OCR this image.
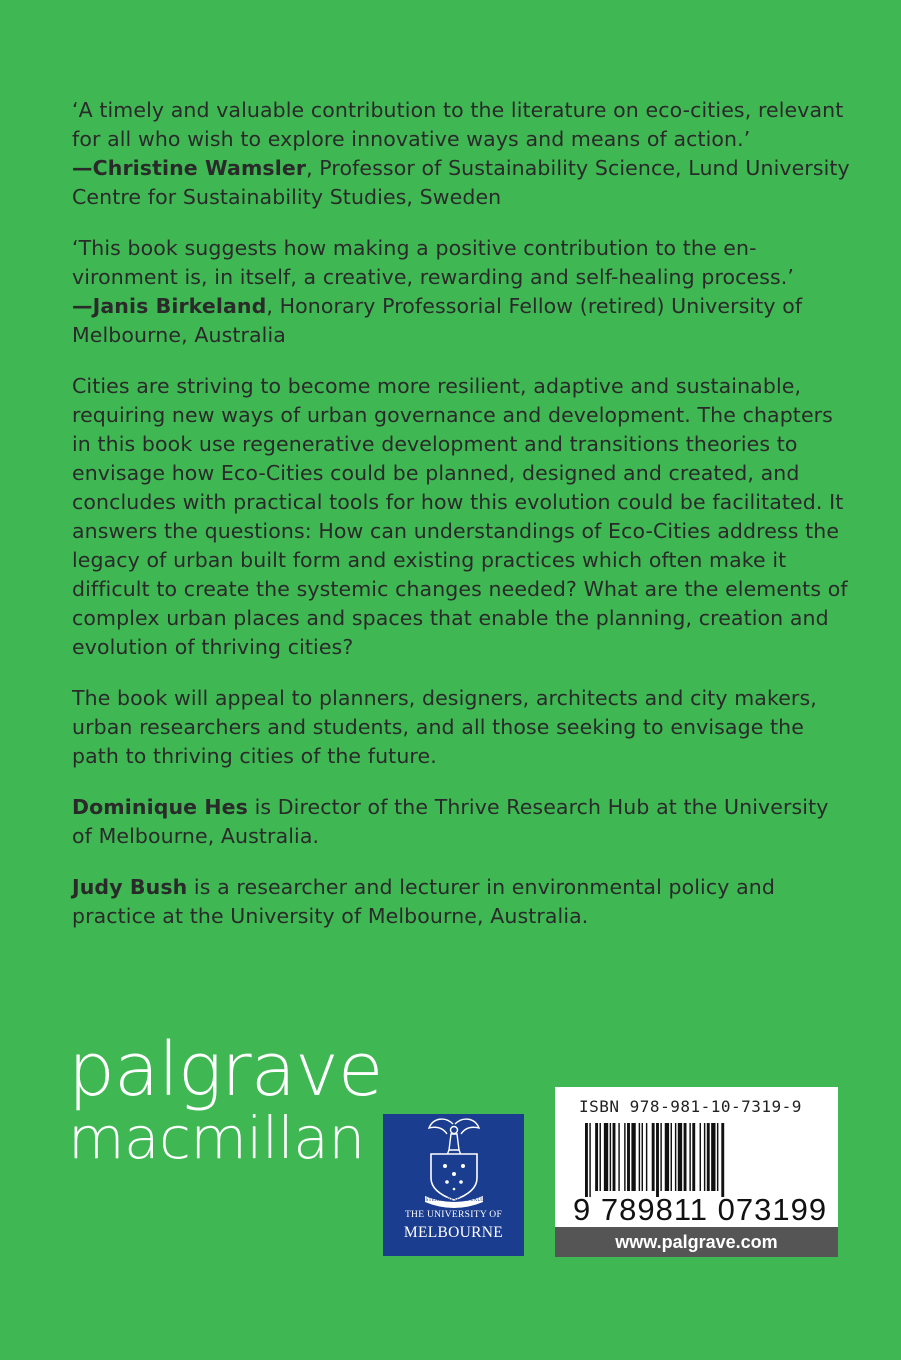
‘A timely and valuable contribution to the literature on eco-cities, relevant for all who wish to explore innovative ways and means of action.’
—Christine Wamsler, Professor of Sustainability Science, Lund University Centre for Sustainability Studies, Sweden

‘This book suggests how making a positive contribution to the environment is, in itself, a creative, rewarding and self-healing process.’
—Janis Birkeland, Honorary Professorial Fellow (retired) University of Melbourne, Australia

Cities are striving to become more resilient, adaptive and sustainable, requiring new ways of urban governance and development. The chapters in this book use regenerative development and transitions theories to envisage how Eco-Cities could be planned, designed and created, and concludes with practical tools for how this evolution could be facilitated. It answers the questions: How can understandings of Eco-Cities address the legacy of urban built form and existing practices which often make it difficult to create the systemic changes needed? What are the elements of complex urban places and spaces that enable the planning, creation and evolution of thriving cities?

The book will appeal to planners, designers, architects and city makers, urban researchers and students, and all those seeking to envisage the path to thriving cities of the future.

Dominique Hes is Director of the Thrive Research Hub at the University of Melbourne, Australia.

Judy Bush is a researcher and lecturer in environmental policy and practice at the University of Melbourne, Australia.

palgrave
macmillan
POSTERA CRESCAM LAUDE
THE UNIVERSITY OF
MELBOURNE
ISBN 978-981-10-7319-9
9 789811 073199
www.palgrave.com
